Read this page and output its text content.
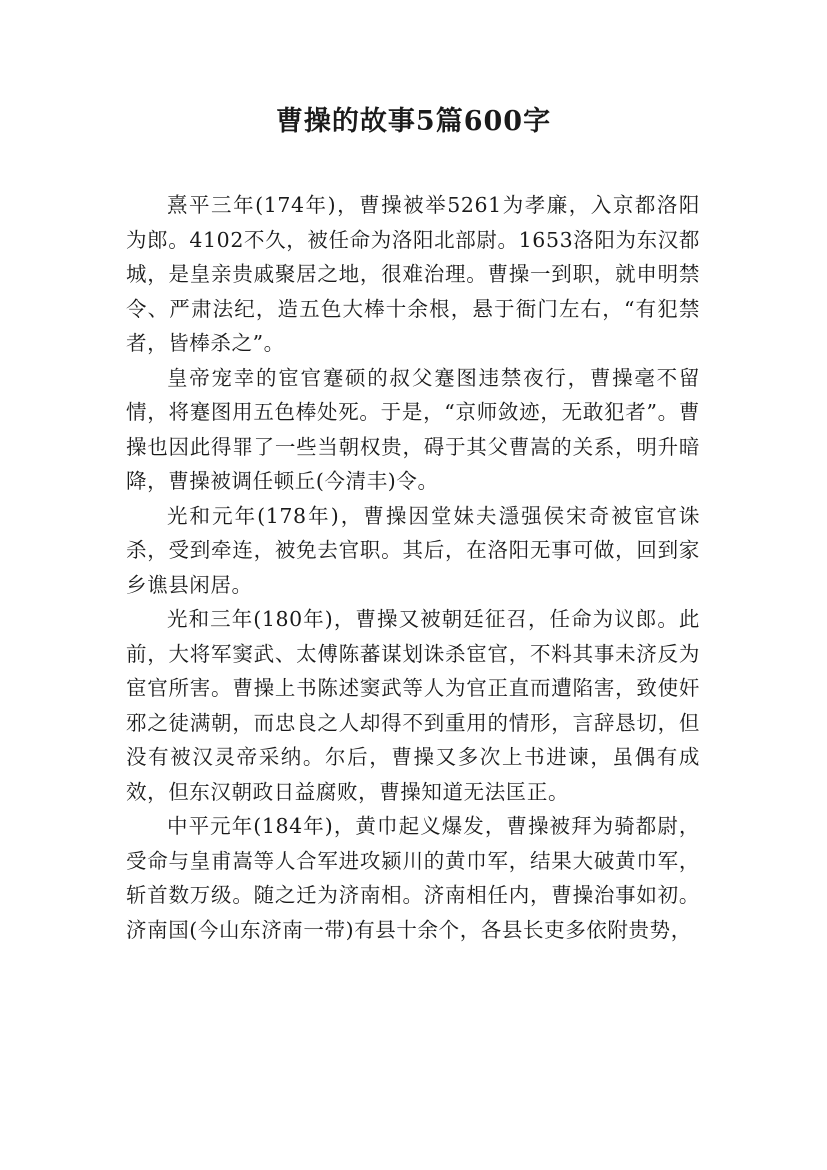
曹操的故事5篇600字

熹平三年(174年)，曹操被举5261为孝廉，入京都洛阳为郎。4102不久，被任命为洛阳北部尉。1653洛阳为东汉都城，是皇亲贵戚聚居之地，很难治理。曹操一到职，就申明禁令、严肃法纪，造五色大棒十余根，悬于衙门左右，“有犯禁者，皆棒杀之”。

皇帝宠幸的宦官蹇硕的叔父蹇图违禁夜行，曹操毫不留情，将蹇图用五色棒处死。于是，“京师敛迹，无敢犯者”。曹操也因此得罪了一些当朝权贵，碍于其父曹嵩的关系，明升暗降，曹操被调任顿丘(今清丰)令。

光和元年(178年)，曹操因堂妹夫濦强侯宋奇被宦官诛杀，受到牵连，被免去官职。其后，在洛阳无事可做，回到家乡谯县闲居。

光和三年(180年)，曹操又被朝廷征召，任命为议郎。此前，大将军窦武、太傅陈蕃谋划诛杀宦官，不料其事未济反为宦官所害。曹操上书陈述窦武等人为官正直而遭陷害，致使奸邪之徒满朝，而忠良之人却得不到重用的情形，言辞恳切，但没有被汉灵帝采纳。尔后，曹操又多次上书进谏，虽偶有成效，但东汉朝政日益腐败，曹操知道无法匡正。

中平元年(184年)，黄巾起义爆发，曹操被拜为骑都尉，受命与皇甫嵩等人合军进攻颍川的黄巾军，结果大破黄巾军，斩首数万级。随之迁为济南相。济南相任内，曹操治事如初。济南国(今山东济南一带)有县十余个，各县长吏多依附贵势，
